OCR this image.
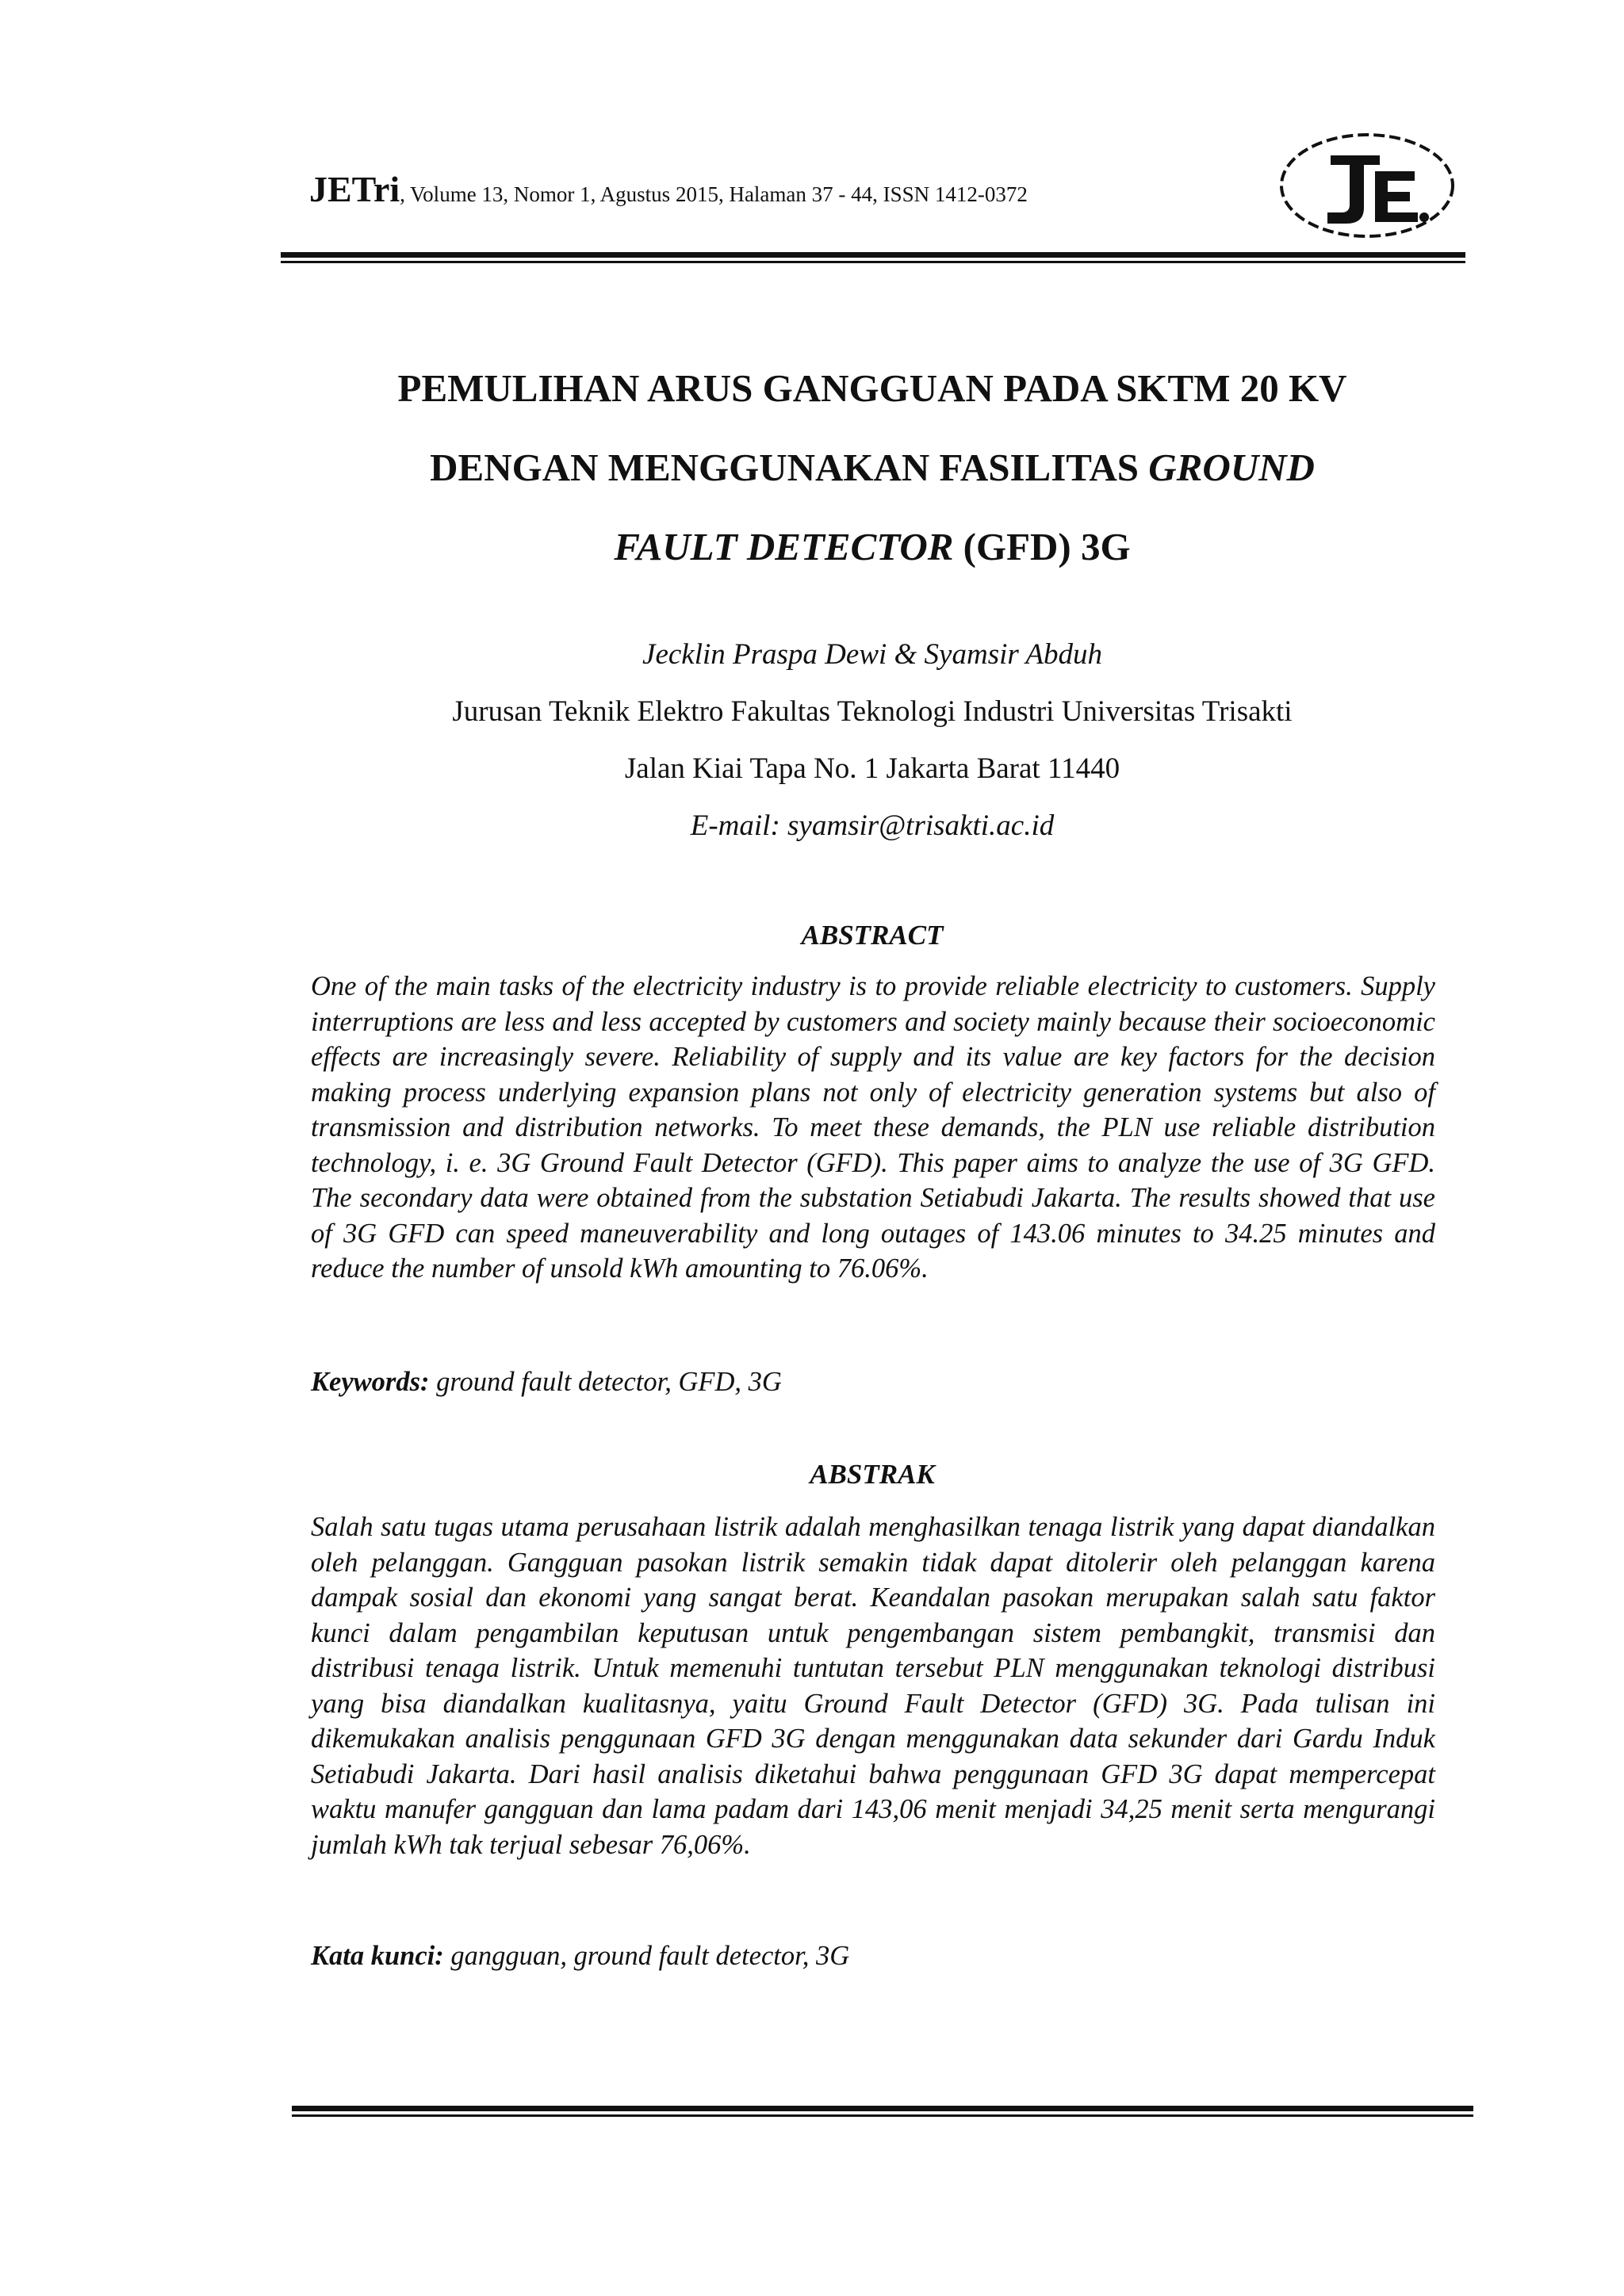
JETri, Volume 13, Nomor 1, Agustus 2015, Halaman 37 - 44, ISSN 1412-0372
JE
PEMULIHAN ARUS GANGGUAN PADA SKTM 20 KV
DENGAN MENGGUNAKAN FASILITAS GROUND
FAULT DETECTOR (GFD) 3G
Jecklin Praspa Dewi & Syamsir Abduh
Jurusan Teknik Elektro Fakultas Teknologi Industri Universitas Trisakti
Jalan Kiai Tapa No. 1 Jakarta Barat 11440
E-mail: syamsir@trisakti.ac.id
ABSTRACT
One of the main tasks of the electricity industry is to provide reliable electricity to customers. Supply interruptions are less and less accepted by customers and society mainly because their socioeconomic effects are increasingly severe. Reliability of supply and its value are key factors for the decision making process underlying expansion plans not only of electricity generation systems but also of transmission and distribution networks. To meet these demands, the PLN use reliable distribution technology, i. e. 3G Ground Fault Detector (GFD). This paper aims to analyze the use of 3G GFD. The secondary data were obtained from the substation Setiabudi Jakarta. The results showed that use of 3G GFD can speed maneuverability and long outages of 143.06 minutes to 34.25 minutes and reduce the number of unsold kWh amounting to 76.06%.
Keywords: ground fault detector, GFD, 3G
ABSTRAK
Salah satu tugas utama perusahaan listrik adalah menghasilkan tenaga listrik yang dapat diandalkan oleh pelanggan. Gangguan pasokan listrik semakin tidak dapat ditolerir oleh pelanggan karena dampak sosial dan ekonomi yang sangat berat. Keandalan pasokan merupakan salah satu faktor kunci dalam pengambilan keputusan untuk pengembangan sistem pembangkit, transmisi dan distribusi tenaga listrik. Untuk memenuhi tuntutan tersebut PLN menggunakan teknologi distribusi yang bisa diandalkan kualitasnya, yaitu Ground Fault Detector (GFD) 3G. Pada tulisan ini dikemukakan analisis penggunaan GFD 3G dengan menggunakan data sekunder dari Gardu Induk Setiabudi Jakarta. Dari hasil analisis diketahui bahwa penggunaan GFD 3G dapat mempercepat waktu manufer gangguan dan lama padam dari 143,06 menit menjadi 34,25 menit serta mengurangi jumlah kWh tak terjual sebesar 76,06%.
Kata kunci: gangguan, ground fault detector, 3G
